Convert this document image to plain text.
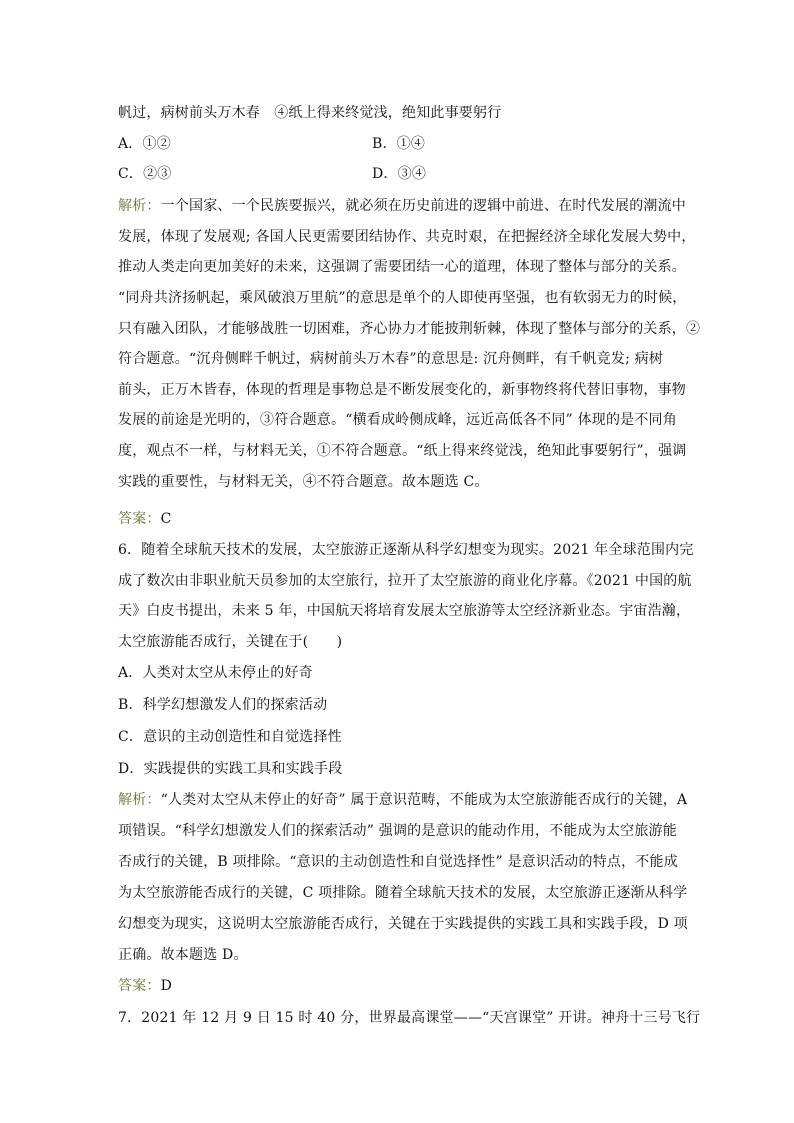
帆过，病树前头万木春　④纸上得来终觉浅，绝知此事要躬行
A．①②	B．①④
C．②③	D．③④
解析：一个国家、一个民族要振兴，就必须在历史前进的逻辑中前进、在时代发展的潮流中
发展，体现了发展观; 各国人民更需要团结协作、共克时艰，在把握经济全球化发展大势中，
推动人类走向更加美好的未来，这强调了需要团结一心的道理，体现了整体与部分的关系。
“同舟共济扬帆起，乘风破浪万里航”的意思是单个的人即使再坚强，也有软弱无力的时候，
只有融入团队，才能够战胜一切困难，齐心协力才能披荆斩棘，体现了整体与部分的关系，②
符合题意。“沉舟侧畔千帆过，病树前头万木春”的意思是: 沉舟侧畔，有千帆竞发; 病树
前头，正万木皆春，体现的哲理是事物总是不断发展变化的，新事物终将代替旧事物，事物
发展的前途是光明的，③符合题意。“横看成岭侧成峰，远近高低各不同” 体现的是不同角
度，观点不一样，与材料无关，①不符合题意。“纸上得来终觉浅，绝知此事要躬行”，强调
实践的重要性，与材料无关，④不符合题意。故本题选 C。
答案：C
6．随着全球航天技术的发展，太空旅游正逐渐从科学幻想变为现实。2021 年全球范围内完
成了数次由非职业航天员参加的太空旅行，拉开了太空旅游的商业化序幕。《2021 中国的航
天》白皮书提出，未来 5 年，中国航天将培育发展太空旅游等太空经济新业态。宇宙浩瀚，
太空旅游能否成行，关键在于(　　)
A．人类对太空从未停止的好奇
B．科学幻想激发人们的探索活动
C．意识的主动创造性和自觉选择性
D．实践提供的实践工具和实践手段
解析：“人类对太空从未停止的好奇” 属于意识范畴，不能成为太空旅游能否成行的关键，A
项错误。“科学幻想激发人们的探索活动” 强调的是意识的能动作用，不能成为太空旅游能
否成行的关键，B 项排除。“意识的主动创造性和自觉选择性” 是意识活动的特点，不能成
为太空旅游能否成行的关键，C 项排除。随着全球航天技术的发展，太空旅游正逐渐从科学
幻想变为现实，这说明太空旅游能否成行，关键在于实践提供的实践工具和实践手段，D 项
正确。故本题选 D。
答案：D
7．2021 年 12 月 9 日 15 时 40 分，世界最高课堂——“天宫课堂” 开讲。神舟十三号飞行
